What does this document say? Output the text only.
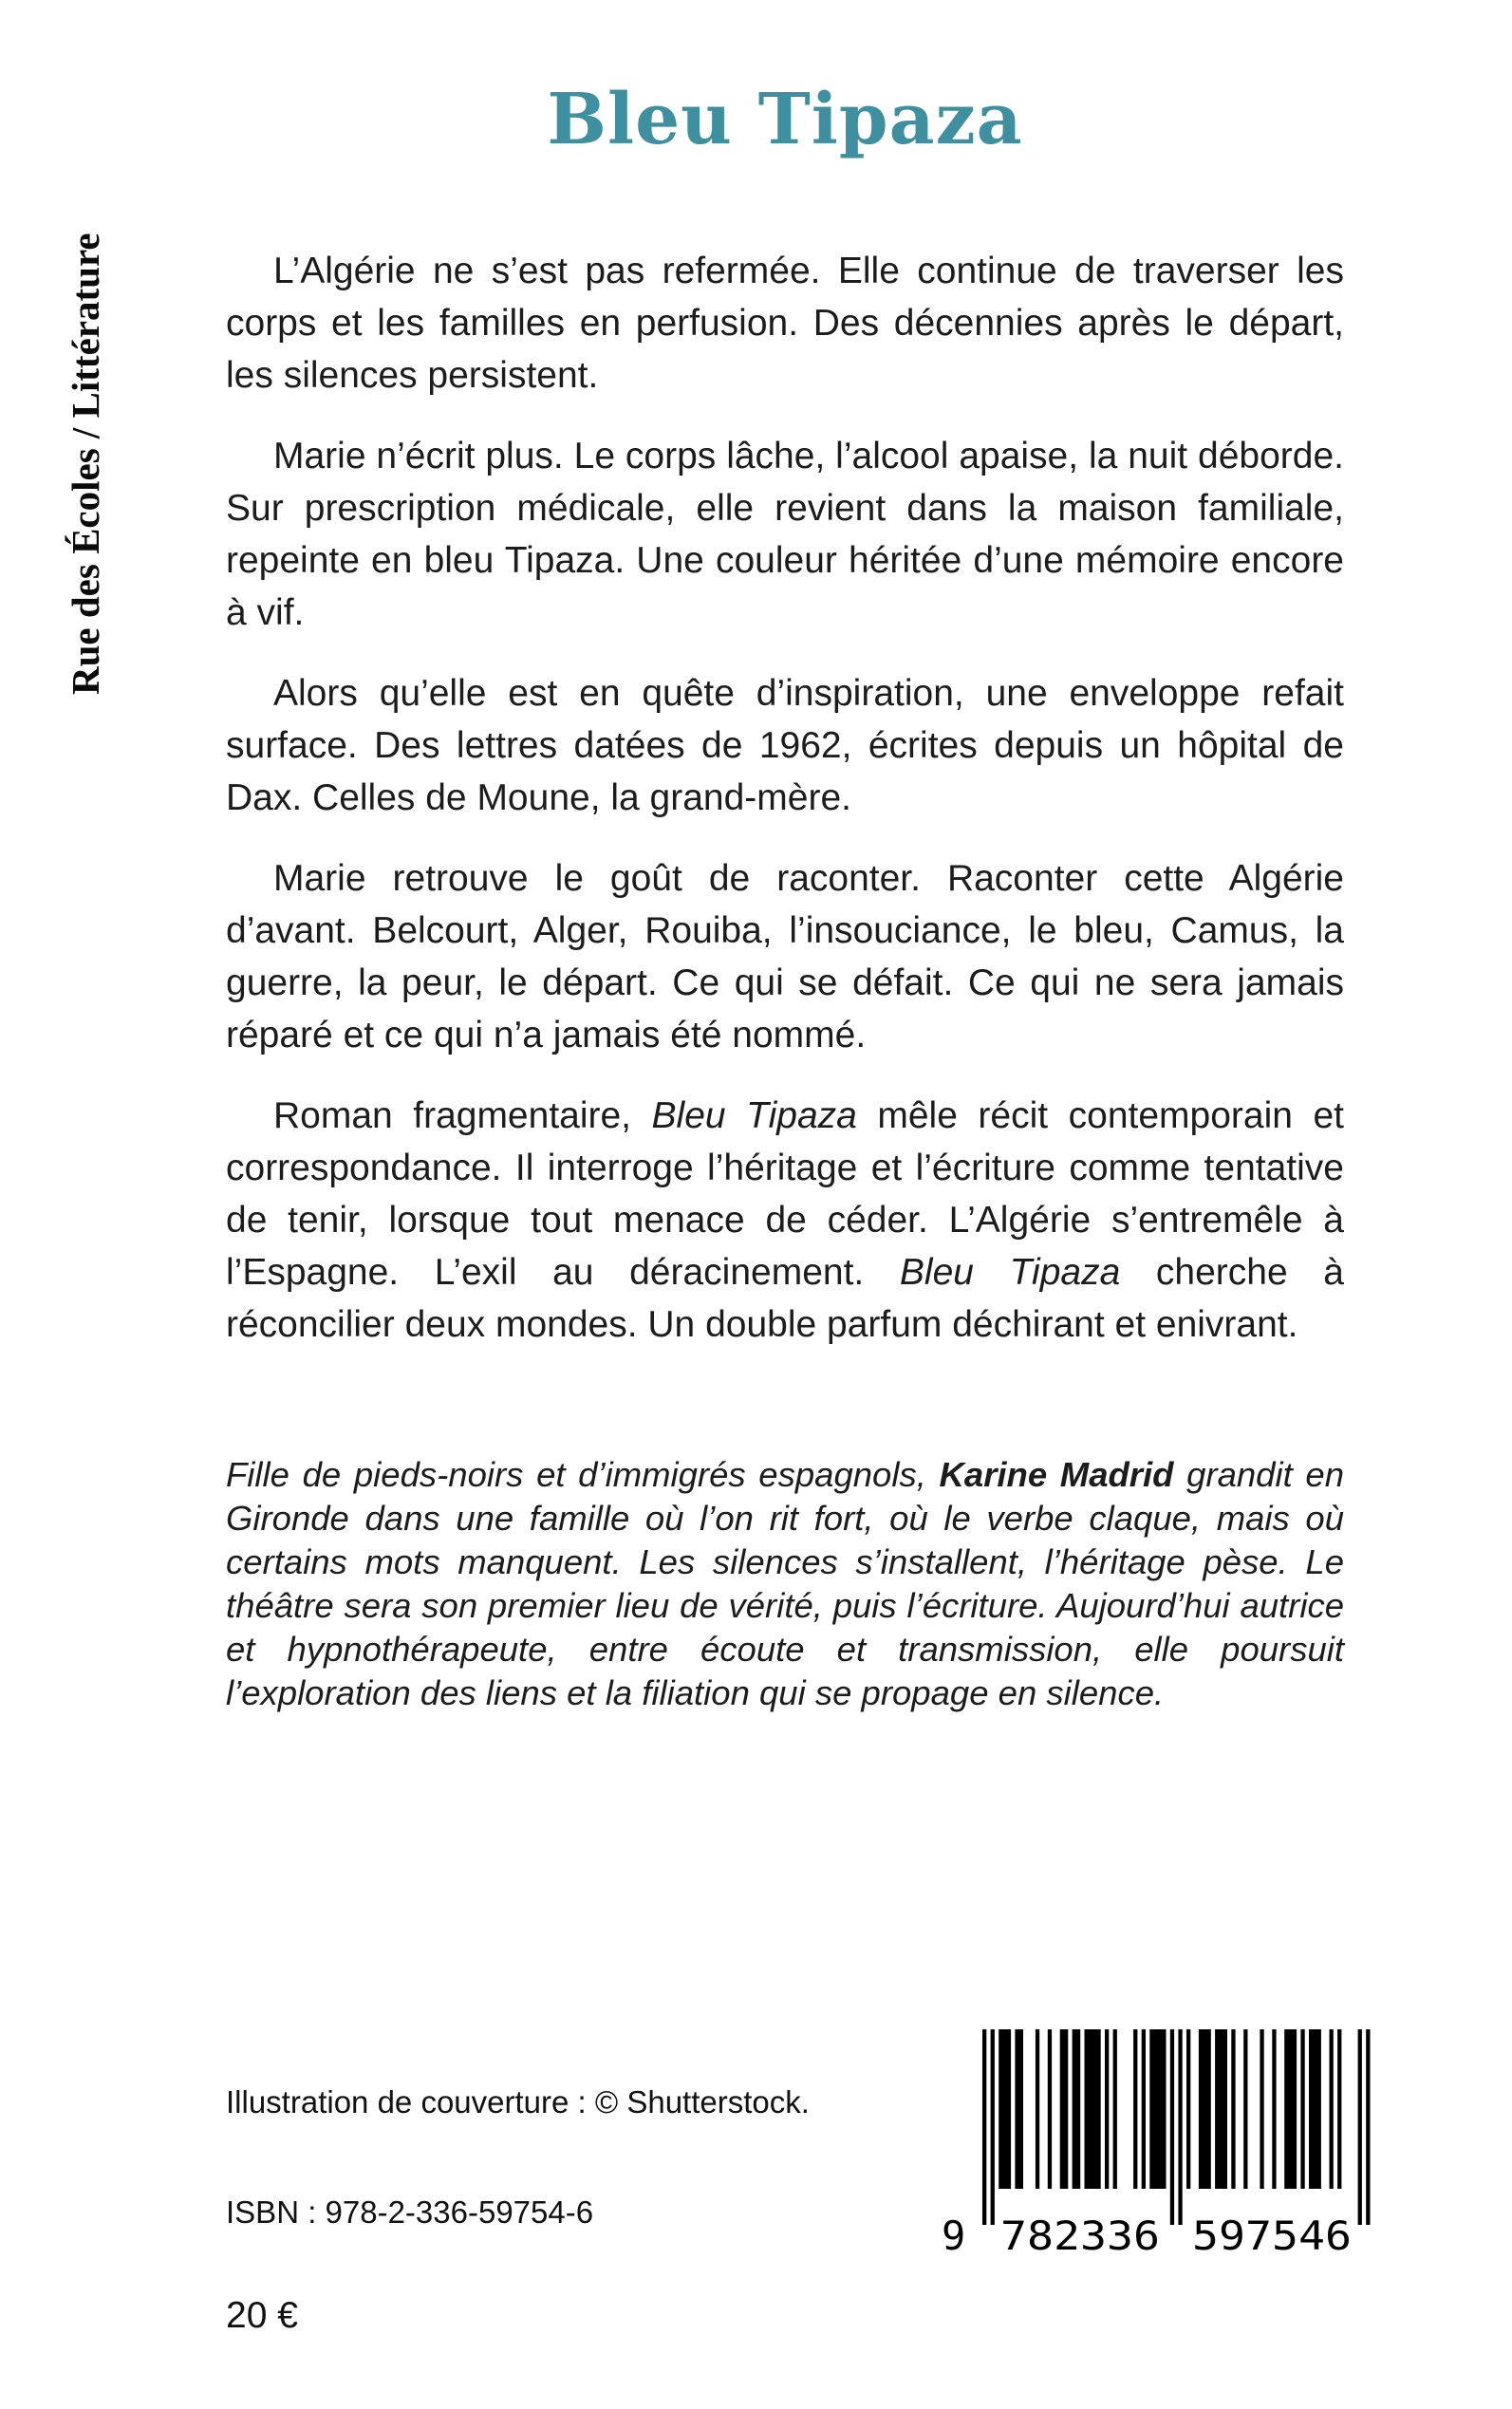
Rue des Écoles / Littérature
Bleu Tipaza

L’Algérie ne s’est pas refermée. Elle continue de traverser les corps et les familles en perfusion. Des décennies après le départ, les silences persistent.

Marie n’écrit plus. Le corps lâche, l’alcool apaise, la nuit déborde. Sur prescription médicale, elle revient dans la maison familiale, repeinte en bleu Tipaza. Une couleur héritée d’une mémoire encore à vif.

Alors qu’elle est en quête d’inspiration, une enveloppe refait surface. Des lettres datées de 1962, écrites depuis un hôpital de Dax. Celles de Moune, la grand-mère.

Marie retrouve le goût de raconter. Raconter cette Algérie d’avant. Belcourt, Alger, Rouiba, l’insouciance, le bleu, Camus, la guerre, la peur, le départ. Ce qui se défait. Ce qui ne sera jamais réparé et ce qui n’a jamais été nommé.

Roman fragmentaire, Bleu Tipaza mêle récit contemporain et correspondance. Il interroge l’héritage et l’écriture comme tentative de tenir, lorsque tout menace de céder. L’Algérie s’entremêle à l’Espagne. L’exil au déracinement. Bleu Tipaza cherche à réconcilier deux mondes. Un double parfum déchirant et enivrant.

Fille de pieds-noirs et d’immigrés espagnols, Karine Madrid grandit en Gironde dans une famille où l’on rit fort, où le verbe claque, mais où certains mots manquent. Les silences s’installent, l’héritage pèse. Le théâtre sera son premier lieu de vérité, puis l’écriture. Aujourd’hui autrice et hypnothérapeute, entre écoute et transmission, elle poursuit l’exploration des liens et la filiation qui se propage en silence.

Illustration de couverture : © Shutterstock.
ISBN : 978-2-336-59754-6
20 €
9 782336 597546
